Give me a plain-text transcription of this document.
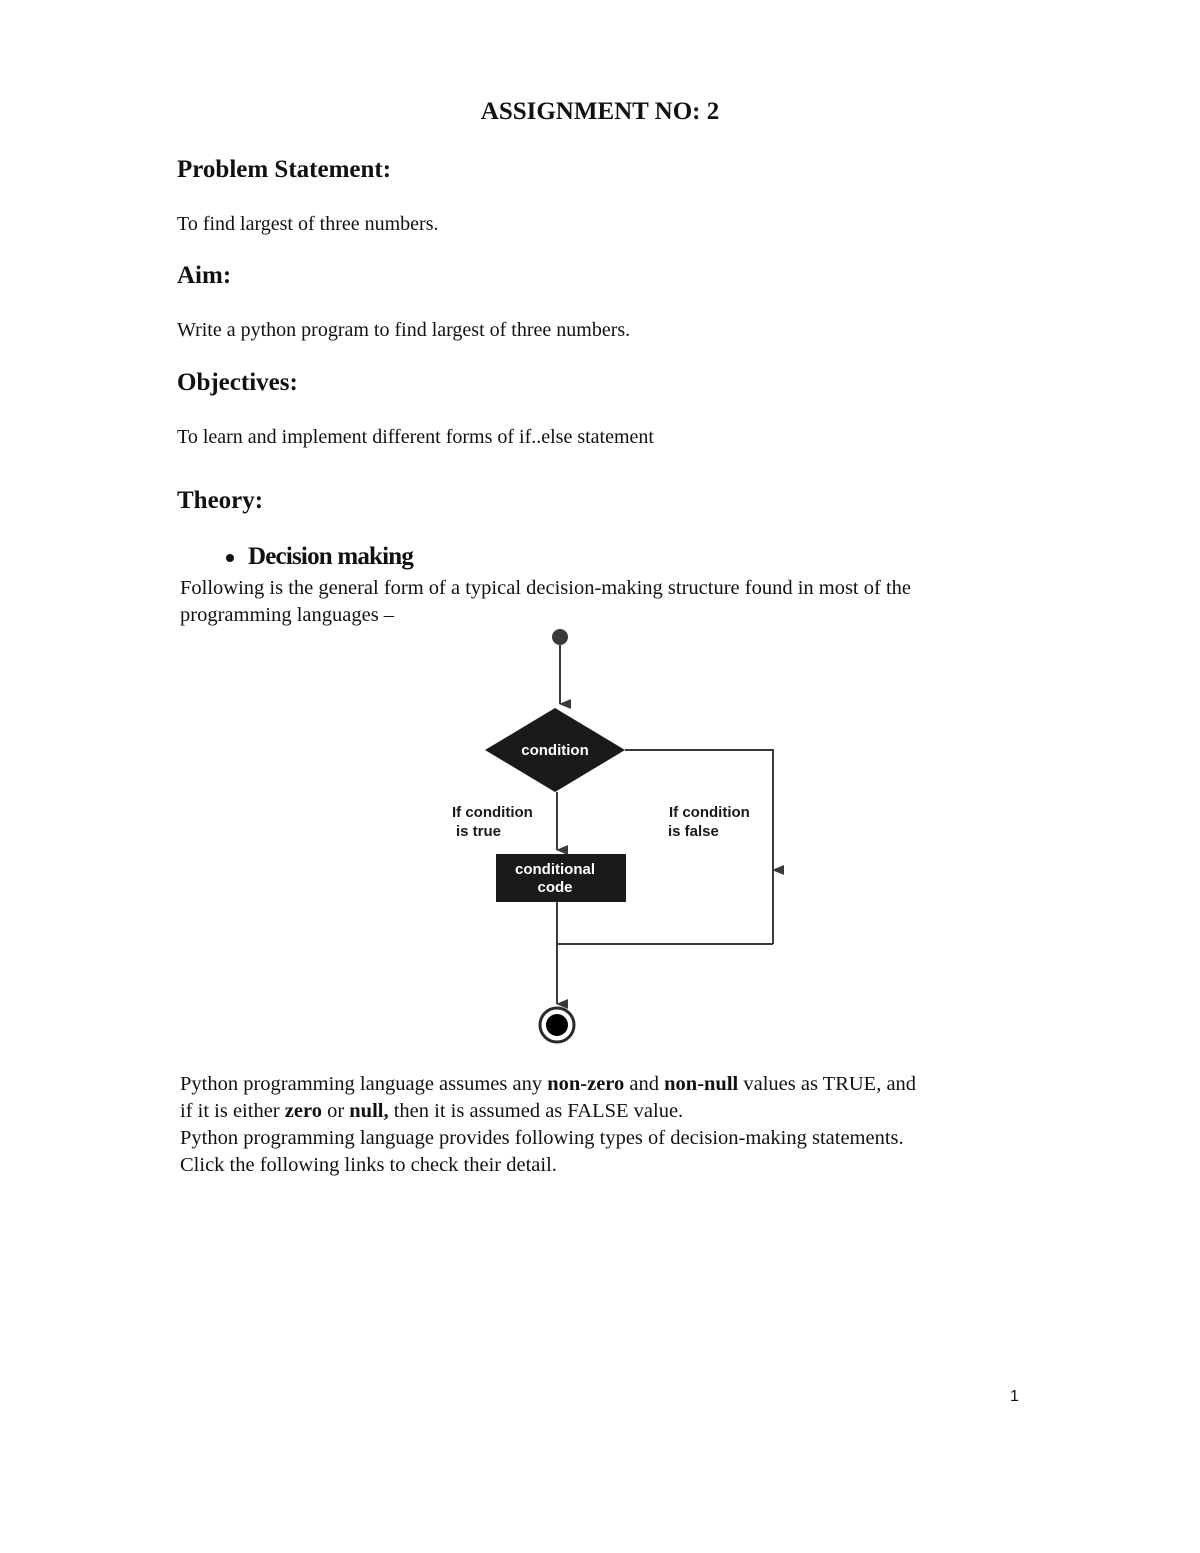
ASSIGNMENT NO: 2
Problem Statement:
To find largest of three numbers.
Aim:
Write a python program to find largest of three numbers.
Objectives:
To learn and implement different forms of if..else statement
Theory:
Decision making
Following is the general form of a typical decision-making structure found in most of the
programming languages –
condition
If condition
is true
conditional
code
If condition
is false
Python programming language assumes any non-zero and non-null values as TRUE, and
if it is either zero or null, then it is assumed as FALSE value.
Python programming language provides following types of decision-making statements.
Click the following links to check their detail.
1
